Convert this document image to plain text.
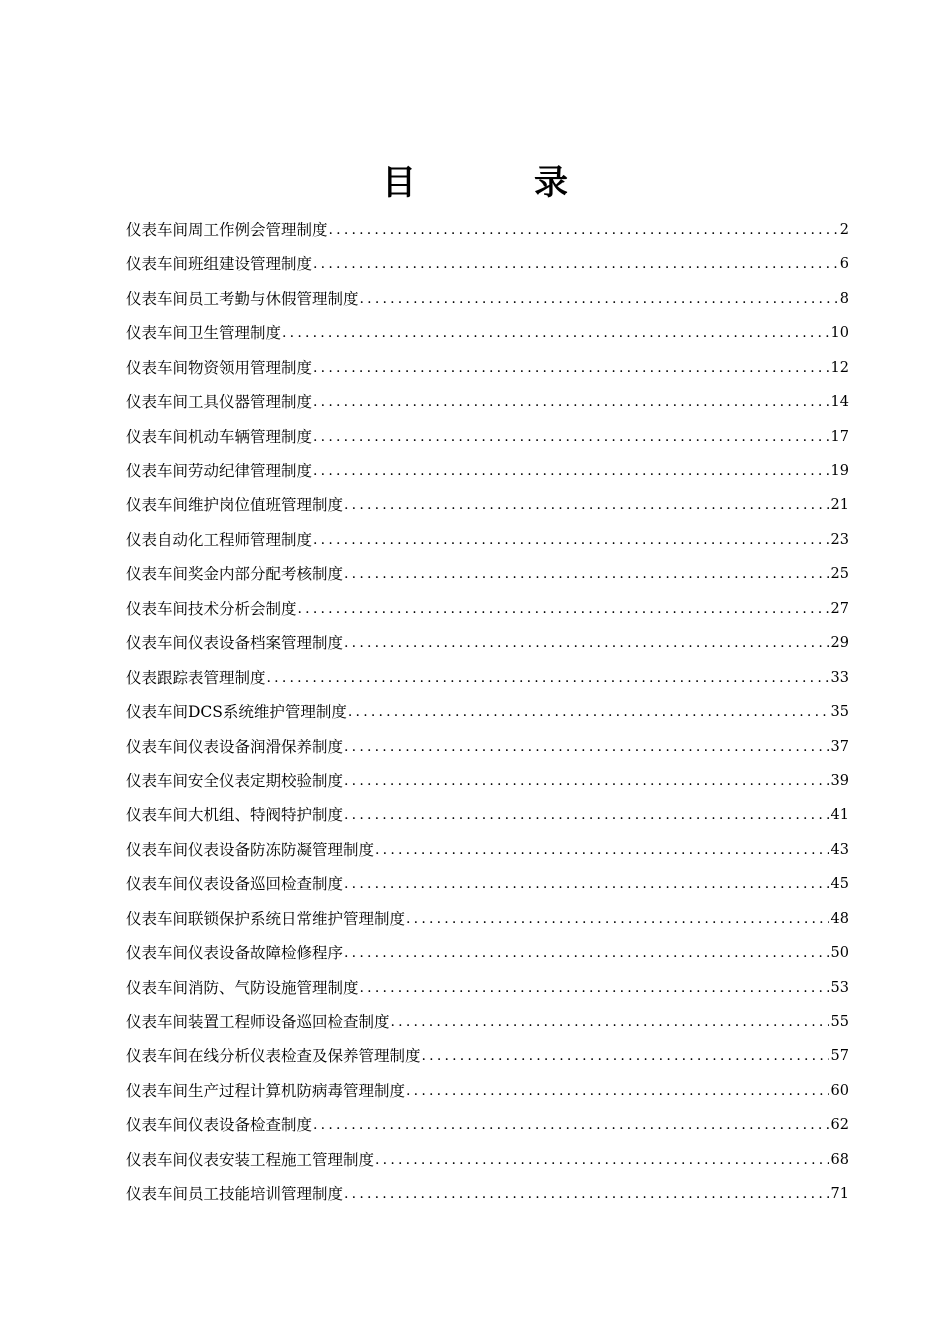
目　录
仪表车间周工作例会管理制度 .....	2
仪表车间班组建设管理制度 .....	6
仪表车间员工考勤与休假管理制度 .....	8
仪表车间卫生管理制度 .....	10
仪表车间物资领用管理制度 .....	12
仪表车间工具仪器管理制度 .....	14
仪表车间机动车辆管理制度 .....	17
仪表车间劳动纪律管理制度 .....	19
仪表车间维护岗位值班管理制度 .....	21
仪表自动化工程师管理制度 .....	23
仪表车间奖金内部分配考核制度 .....	25
仪表车间技术分析会制度 .....	27
仪表车间仪表设备档案管理制度 .....	29
仪表跟踪表管理制度 .....	33
仪表车间DCS系统维护管理制度 .....	35
仪表车间仪表设备润滑保养制度 .....	37
仪表车间安全仪表定期校验制度 .....	39
仪表车间大机组、特阀特护制度 .....	41
仪表车间仪表设备防冻防凝管理制度 .....	43
仪表车间仪表设备巡回检查制度 .....	45
仪表车间联锁保护系统日常维护管理制度 .....	48
仪表车间仪表设备故障检修程序 .....	50
仪表车间消防、气防设施管理制度 .....	53
仪表车间装置工程师设备巡回检查制度 .....	55
仪表车间在线分析仪表检查及保养管理制度 .....	57
仪表车间生产过程计算机防病毒管理制度 .....	60
仪表车间仪表设备检查制度 .....	62
仪表车间仪表安装工程施工管理制度 .....	68
仪表车间员工技能培训管理制度 .....	71
